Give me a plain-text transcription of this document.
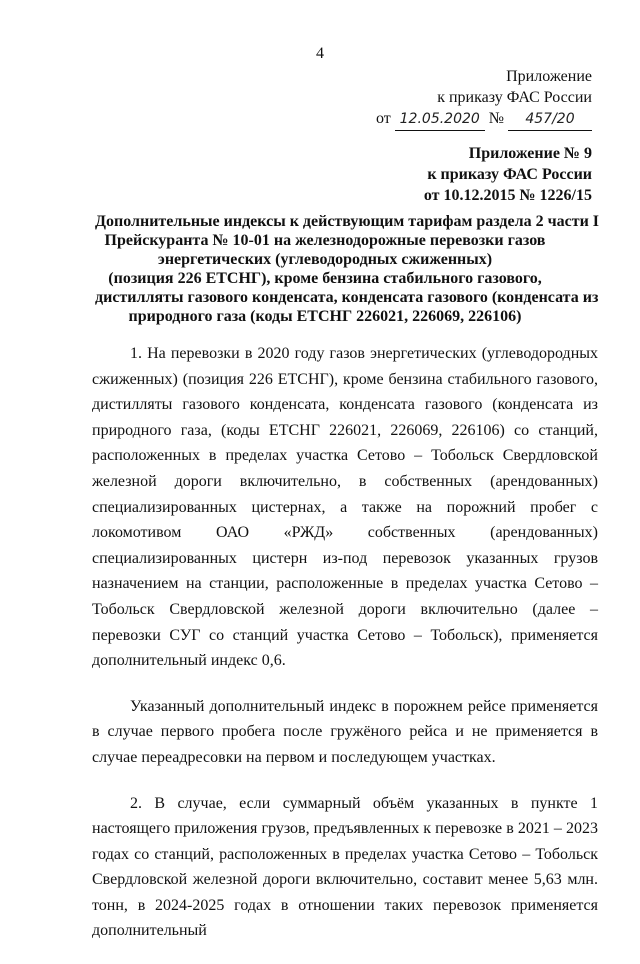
4
Приложение
к приказу ФАС России
от 12.05.2020 № 457/20
Приложение № 9
к приказу ФАС России
от 10.12.2015 № 1226/15
Дополнительные индексы к действующим тарифам раздела 2 части I
Прейскуранта № 10-01 на железнодорожные перевозки газов
энергетических (углеводородных сжиженных)
(позиция 226 ЕТСНГ), кроме бензина стабильного газового,
дистилляты газового конденсата, конденсата газового (конденсата из
природного газа (коды ЕТСНГ 226021, 226069, 226106)

1. На перевозки в 2020 году газов энергетических (углеводородных сжиженных) (позиция 226 ЕТСНГ), кроме бензина стабильного газового, дистилляты газового конденсата, конденсата газового (конденсата из природного газа, (коды ЕТСНГ 226021, 226069, 226106) со станций, расположенных в пределах участка Сетово – Тобольск Свердловской железной дороги включительно, в собственных (арендованных) специализированных цистернах, а также на порожний пробег с локомотивом ОАО «РЖД» собственных (арендованных) специализированных цистерн из-под перевозок указанных грузов назначением на станции, расположенные в пределах участка Сетово – Тобольск Свердловской железной дороги включительно (далее – перевозки СУГ со станций участка Сетово – Тобольск), применяется дополнительный индекс 0,6.

Указанный дополнительный индекс в порожнем рейсе применяется в случае первого пробега после гружёного рейса и не применяется в случае переадресовки на первом и последующем участках.

2. В случае, если суммарный объём указанных в пункте 1 настоящего приложения грузов, предъявленных к перевозке в 2021 – 2023 годах со станций, расположенных в пределах участка Сетово – Тобольск Свердловской железной дороги включительно, составит менее 5,63 млн. тонн, в 2024-2025 годах в отношении таких перевозок применяется дополнительный
